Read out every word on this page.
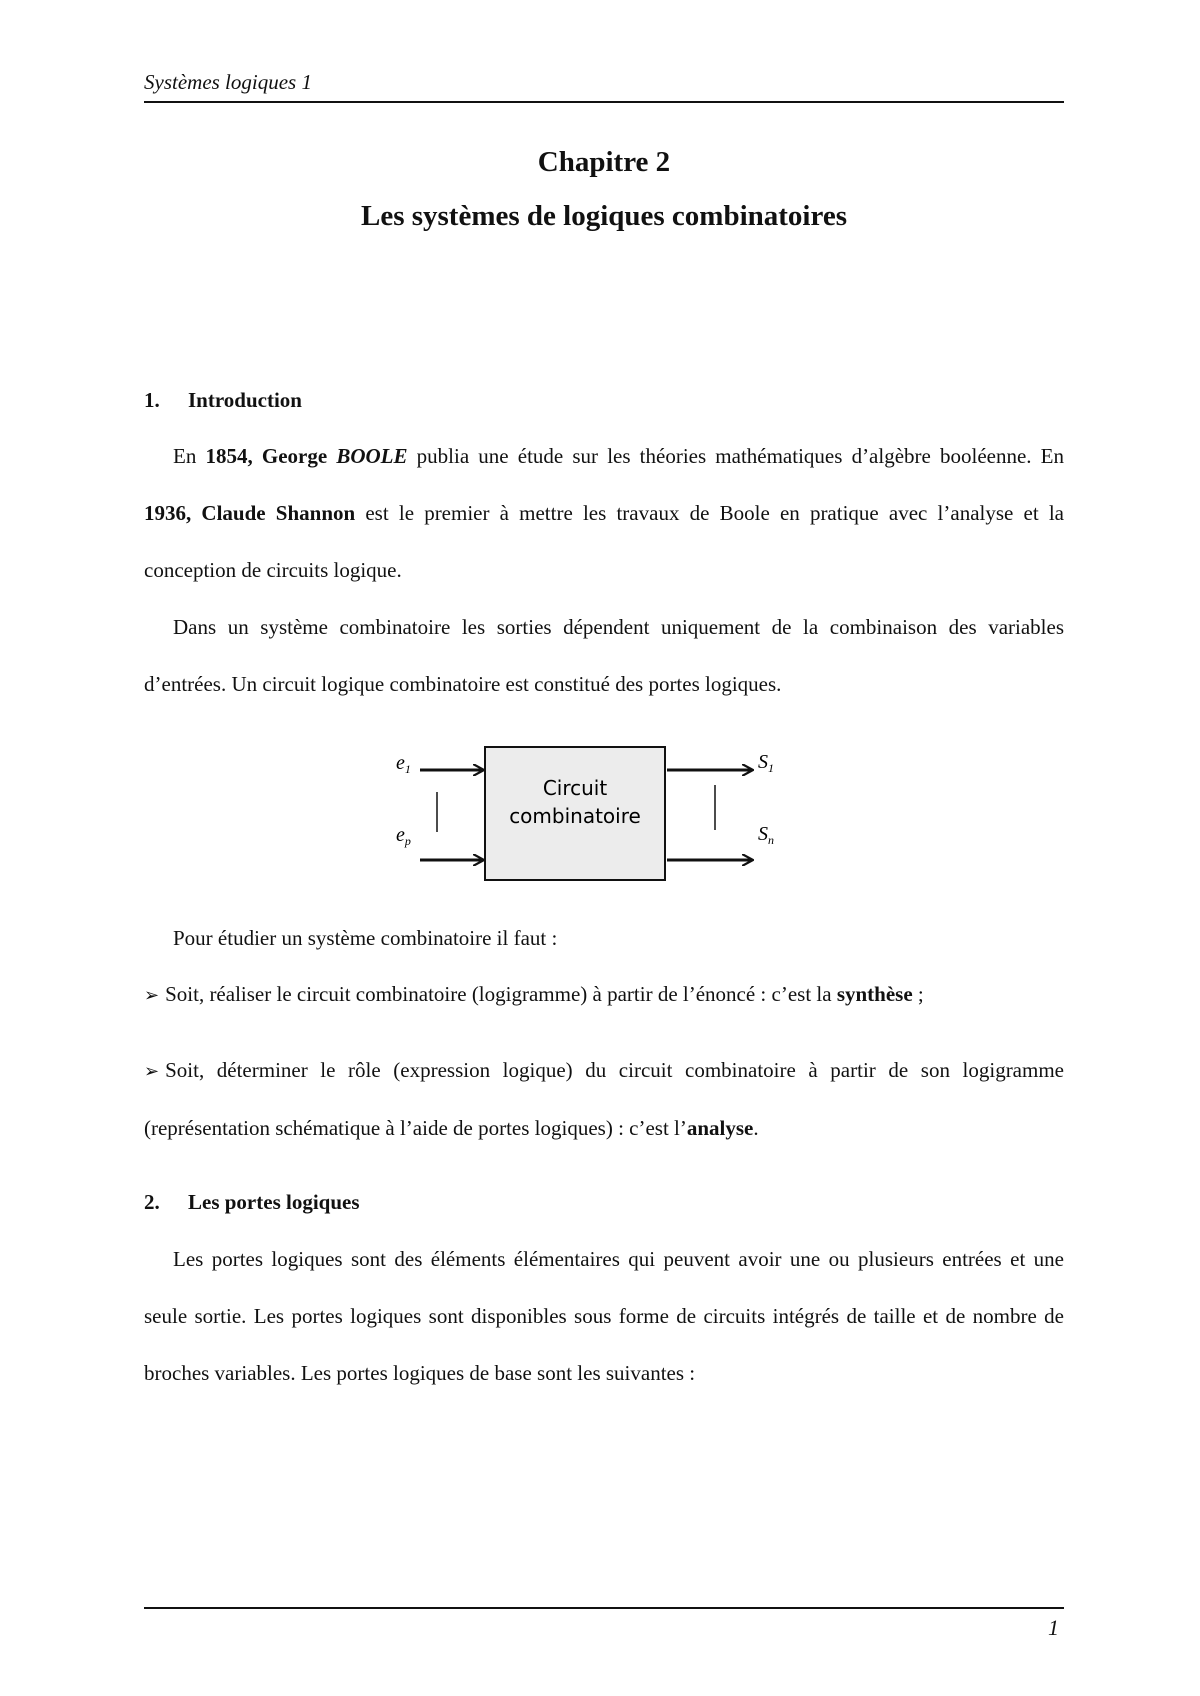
Systèmes logiques 1
Chapitre 2
Les systèmes de logiques combinatoires
1. Introduction
En 1854, George BOOLE publia une étude sur les théories mathématiques d’algèbre booléenne. En 1936, Claude Shannon est le premier à mettre les travaux de Boole en pratique avec l’analyse et la conception de circuits logique.
Dans un système combinatoire les sorties dépendent uniquement de la combinaison des variables d’entrées. Un circuit logique combinatoire est constitué des portes logiques.
Circuit
combinatoire
$e_1$
$e_p$
$S_1$
$S_n$
Pour étudier un système combinatoire il faut :
➢ Soit, réaliser le circuit combinatoire (logigramme) à partir de l’énoncé : c’est la synthèse ;
➢ Soit, déterminer le rôle (expression logique) du circuit combinatoire à partir de son logigramme (représentation schématique à l’aide de portes logiques) : c’est l’analyse.
2. Les portes logiques
Les portes logiques sont des éléments élémentaires qui peuvent avoir une ou plusieurs entrées et une seule sortie. Les portes logiques sont disponibles sous forme de circuits intégrés de taille et de nombre de broches variables. Les portes logiques de base sont les suivantes :
1
